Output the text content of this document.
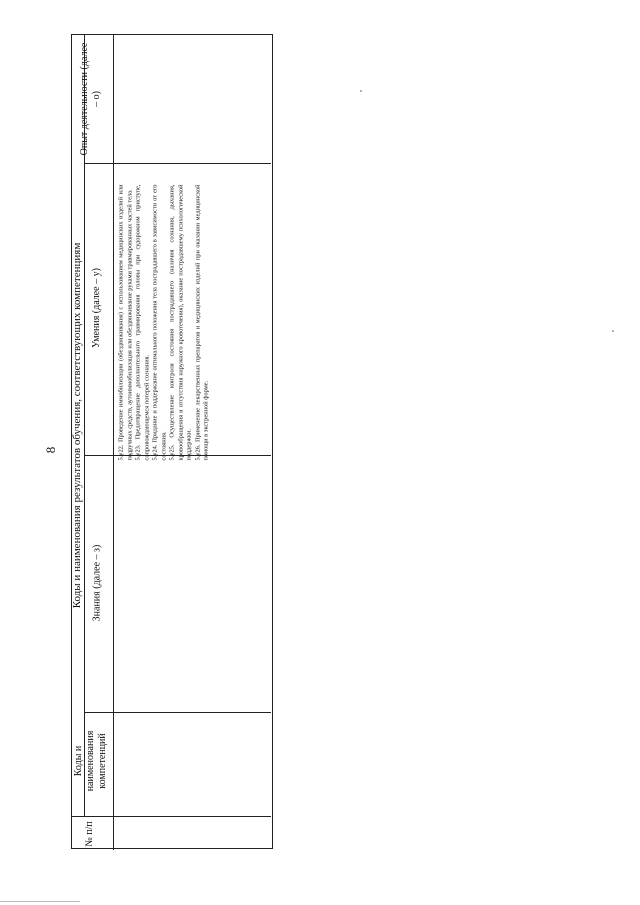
8
№ п/п
Коды и наименования компетенций
Коды и наименования результатов обучения, соответствующих компетенциям Знания (далее – з)
Умения (далее – у)
Опыт деятельности (далее – о)
5.у22. Проведение иммобилизации (обездвиживания) с использованием медицинских изделий или подручных средств, аутоиммобилизация или обездвиживание руками травмированных частей тела.
5.у23. Предотвращение дополнительного травмирования головы при судорожном приступе, сопровождающемся потерей сознания.
5.у24. Придание и поддержание оптимального положения тела пострадавшего в зависимости от его состояния.
5.у25. Осуществление контроля состояния пострадавшего (наличия сознания, дыхания, кровообращения и отсутствия наружного кровотечения), оказание пострадавшему психологической поддержки.
5.у26. Применение лекарственных препаратов и медицинских изделий при оказании медицинской помощи в экстренной форме.
